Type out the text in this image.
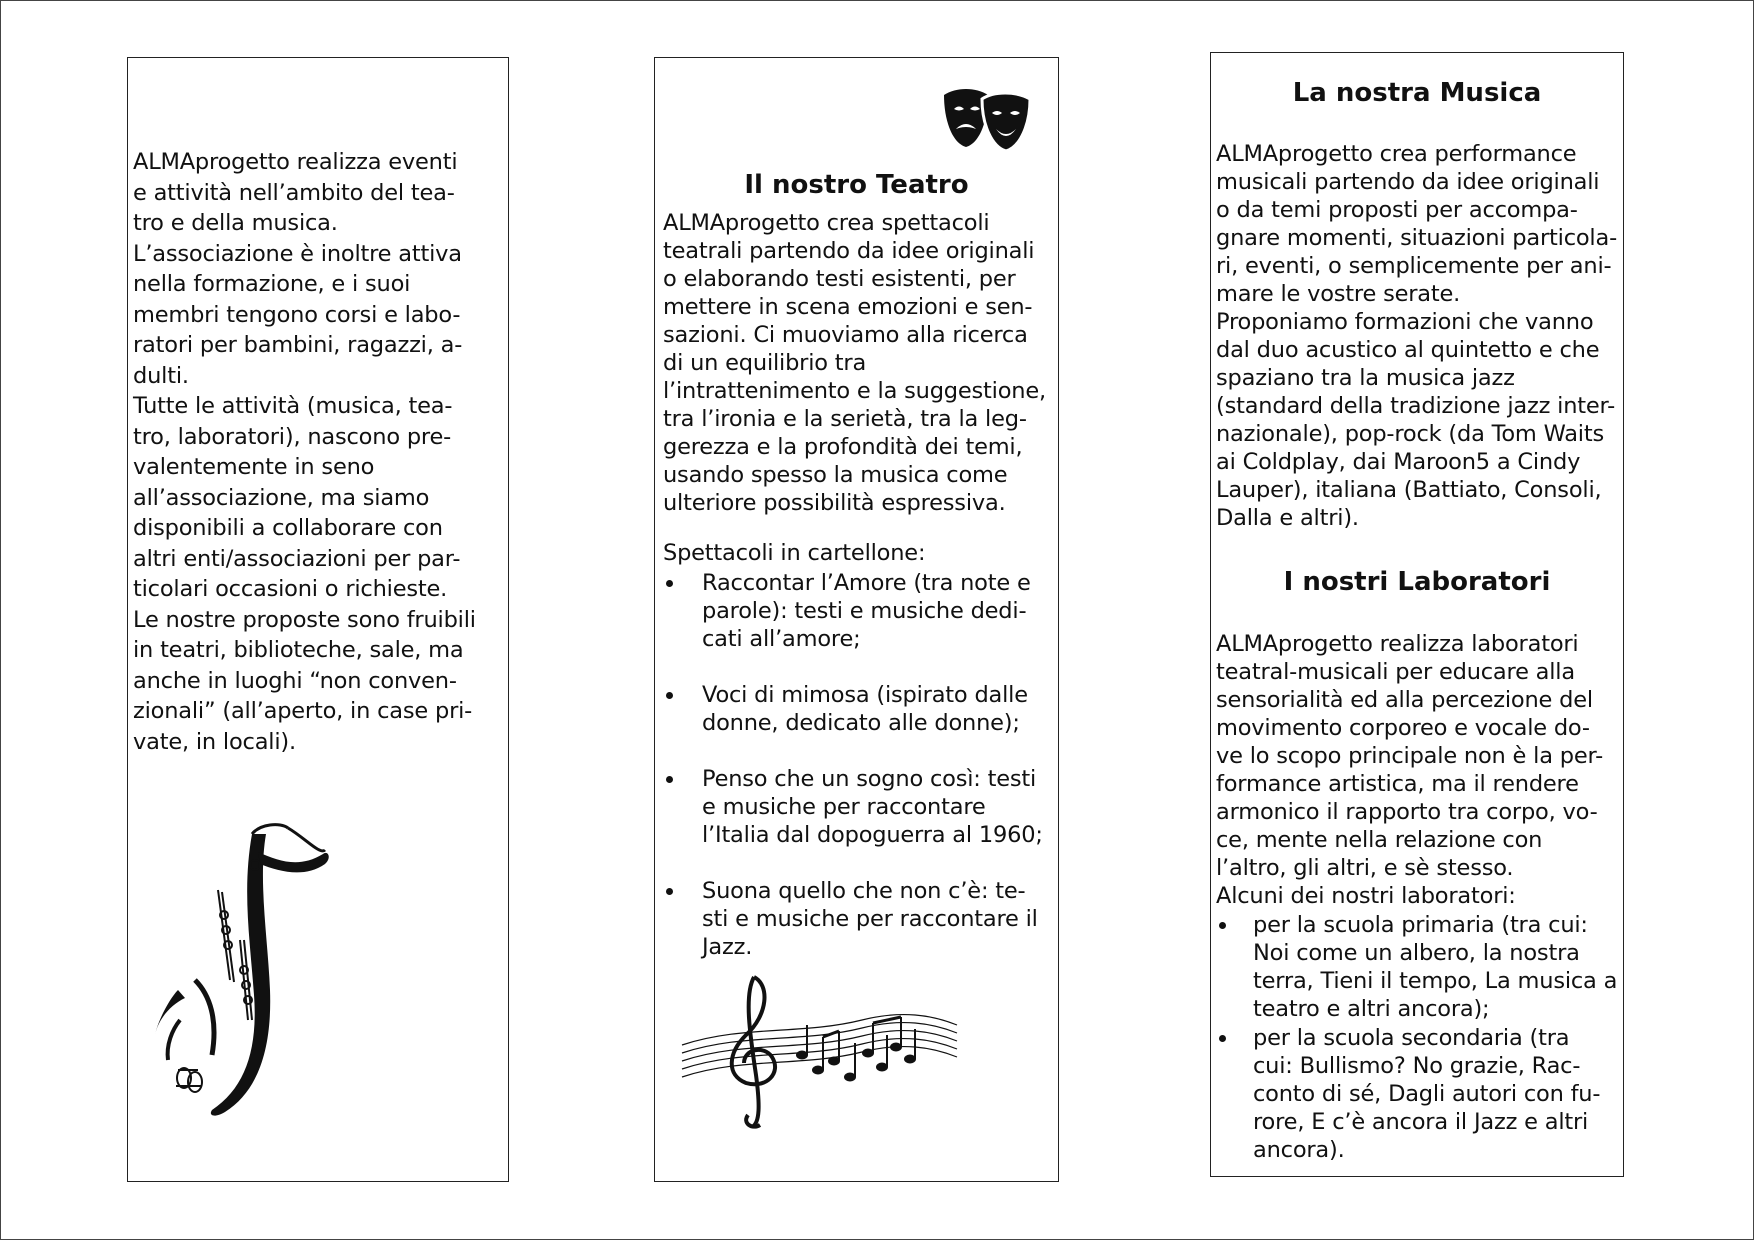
ALMAprogetto realizza eventi
e attività nell’ambito del tea-
tro e della musica.
L’associazione è inoltre attiva
nella formazione, e i suoi
membri tengono corsi e labo-
ratori per bambini, ragazzi, a-
dulti.
Tutte le attività (musica, tea-
tro, laboratori), nascono pre-
valentemente in seno
all’associazione, ma siamo
disponibili a collaborare con
altri enti/associazioni per par-
ticolari occasioni o richieste.
Le nostre proposte sono fruibili
in teatri, biblioteche, sale, ma
anche in luoghi “non conven-
zionali” (all’aperto, in case pri-
vate, in locali).
Il nostro Teatro
ALMAprogetto crea spettacoli
teatrali partendo da idee originali
o elaborando testi esistenti, per
mettere in scena emozioni e sen-
sazioni. Ci muoviamo alla ricerca
di un equilibrio tra
l’intrattenimento e la suggestione,
tra l’ironia e la serietà, tra la leg-
gerezza e la profondità dei temi,
usando spesso la musica come
ulteriore possibilità espressiva.
Spettacoli in cartellone:
Raccontar l’Amore (tra note e
parole): testi e musiche dedi-
cati all’amore;
Voci di mimosa (ispirato dalle
donne, dedicato alle donne);
Penso che un sogno così: testi
e musiche per raccontare
l’Italia dal dopoguerra al 1960;
Suona quello che non c’è: te-
sti e musiche per raccontare il
Jazz.
La nostra Musica
ALMAprogetto crea performance
musicali partendo da idee originali
o da temi proposti per accompa-
gnare momenti, situazioni particola-
ri, eventi, o semplicemente per ani-
mare le vostre serate.
Proponiamo formazioni che vanno
dal duo acustico al quintetto e che
spaziano tra la musica jazz
(standard della tradizione jazz inter-
nazionale), pop-rock (da Tom Waits
ai Coldplay, dai Maroon5 a Cindy
Lauper), italiana (Battiato, Consoli,
Dalla e altri).
I nostri Laboratori
ALMAprogetto realizza laboratori
teatral-musicali per educare alla
sensorialità ed alla percezione del
movimento corporeo e vocale do-
ve lo scopo principale non è la per-
formance artistica, ma il rendere
armonico il rapporto tra corpo, vo-
ce, mente nella relazione con
l’altro, gli altri, e sè stesso.
Alcuni dei nostri laboratori:
per la scuola primaria (tra cui:
Noi come un albero, la nostra
terra, Tieni il tempo, La musica a
teatro e altri ancora);
per la scuola secondaria (tra
cui: Bullismo? No grazie, Rac-
conto di sé, Dagli autori con fu-
rore, E c’è ancora il Jazz e altri
ancora).
